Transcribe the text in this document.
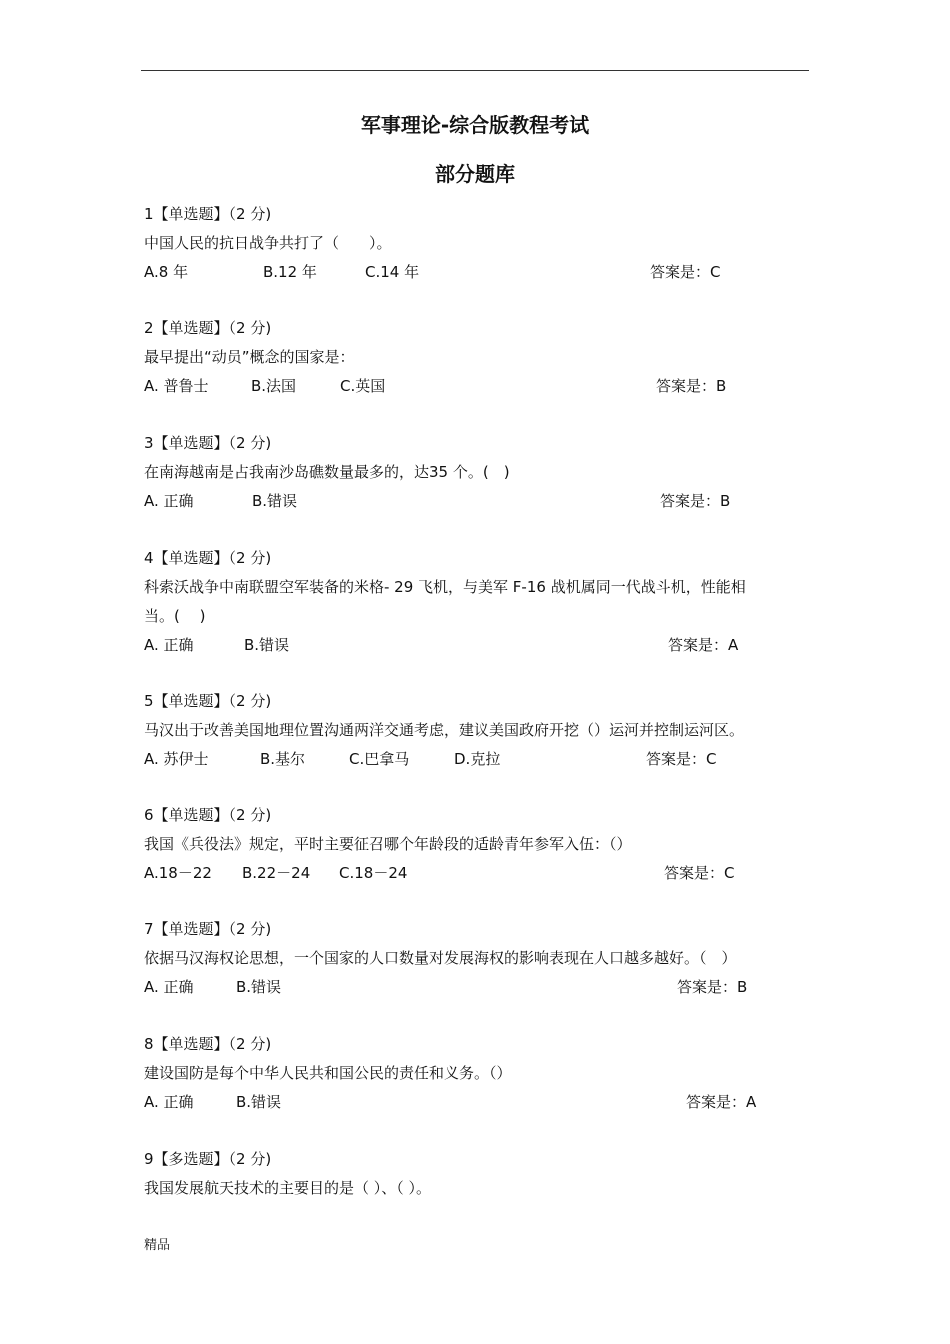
军事理论-综合版教程考试
部分题库
1【单选题】（2 分)
中国人民的抗日战争共打了（　　）。
A.8 年	B.12 年	C.14 年	答案是：C
2【单选题】（2 分)
最早提出“动员”概念的国家是：
A. 普鲁士	B.法国	C.英国	答案是：B
3【单选题】（2 分)
在南海越南是占我南沙岛礁数量最多的，达35 个。(　)
A. 正确	B.错误	答案是：B
4【单选题】（2 分)
科索沃战争中南联盟空军装备的米格- 29 飞机，与美军 F-16 战机属同一代战斗机，性能相
当。(　 )
A. 正确	B.错误	答案是：A
5【单选题】（2 分)
马汉出于改善美国地理位置沟通两洋交通考虑，建议美国政府开挖（）运河并控制运河区。
A. 苏伊士	B.基尔	C.巴拿马	D.克拉	答案是：C
6【单选题】（2 分)
我国《兵役法》规定，平时主要征召哪个年龄段的适龄青年参军入伍：（）
A.18－22 B.22－24 C.18－24	答案是：C
7【单选题】（2 分)
依据马汉海权论思想，一个国家的人口数量对发展海权的影响表现在人口越多越好。（　）
A. 正确	B.错误	答案是：B
8【单选题】（2 分)
建设国防是每个中华人民共和国公民的责任和义务。（）
A. 正确	B.错误	答案是：A
9【多选题】（2 分)
我国发展航天技术的主要目的是（ ）、（ ）。
精品
